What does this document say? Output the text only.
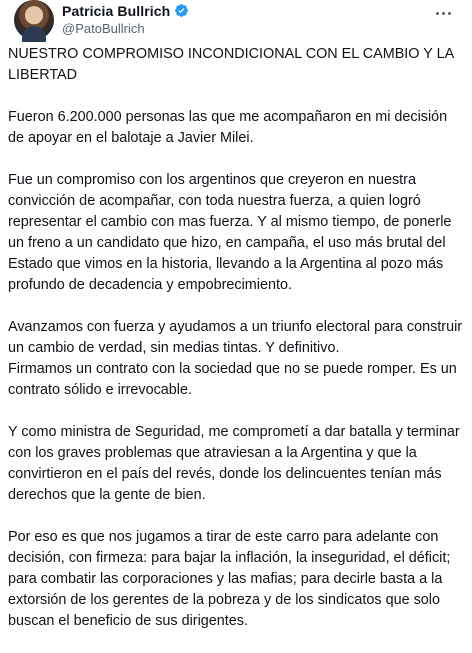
Patricia Bullrich
@PatoBullrich

NUESTRO COMPROMISO INCONDICIONAL CON EL CAMBIO Y LA LIBERTAD

Fueron 6.200.000 personas las que me acompañaron en mi decisión de apoyar en el balotaje a Javier Milei.

Fue un compromiso con los argentinos que creyeron en nuestra convicción de acompañar, con toda nuestra fuerza, a quien logró representar el cambio con mas fuerza. Y al mismo tiempo, de ponerle un freno a un candidato que hizo, en campaña, el uso más brutal del Estado que vimos en la historia, llevando a la Argentina al pozo más profundo de decadencia y empobrecimiento.

Avanzamos con fuerza y ayudamos a un triunfo electoral para construir un cambio de verdad, sin medias tintas. Y definitivo.

Firmamos un contrato con la sociedad que no se puede romper. Es un contrato sólido e irrevocable.

Y como ministra de Seguridad, me comprometí a dar batalla y terminar con los graves problemas que atraviesan a la Argentina y que la convirtieron en el país del revés, donde los delincuentes tenían más derechos que la gente de bien.

Por eso es que nos jugamos a tirar de este carro para adelante con decisión, con firmeza: para bajar la inflación, la inseguridad, el déficit; para combatir las corporaciones y las mafias; para decirle basta a la extorsión de los gerentes de la pobreza y de los sindicatos que solo buscan el beneficio de sus dirigentes.
